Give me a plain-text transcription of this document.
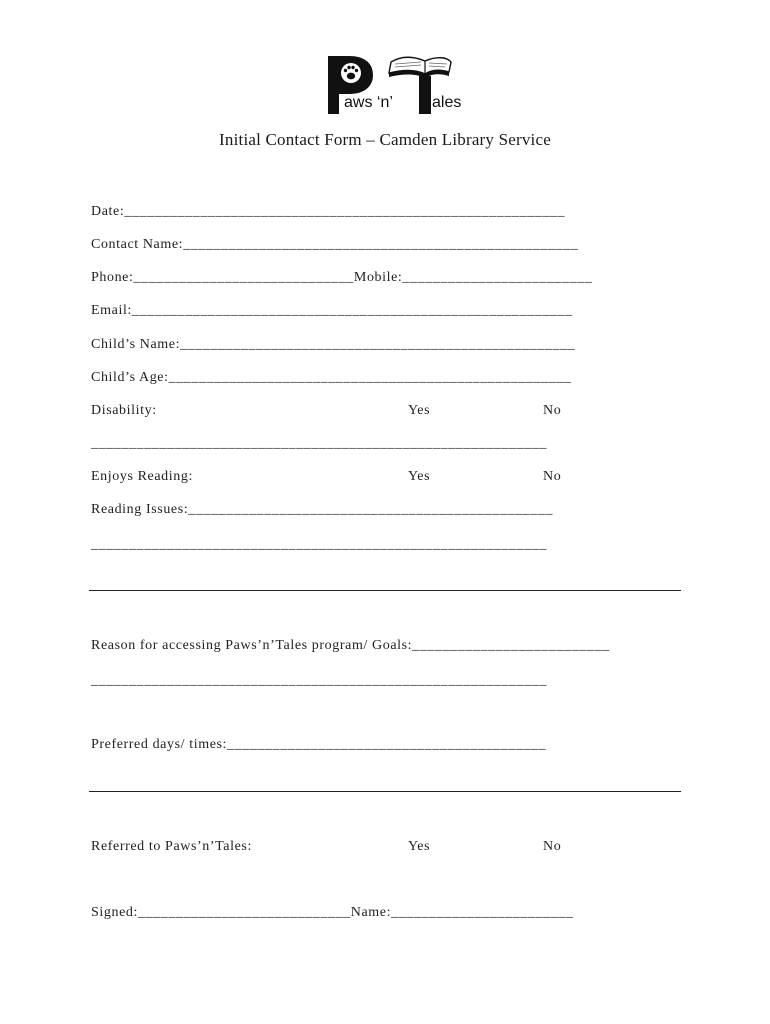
aws ‘n’ ales
Initial Contact Form – Camden Library Service
Date:__________________________________________________________
Contact Name:____________________________________________________
Phone:_____________________________Mobile:_________________________
Email:__________________________________________________________
Child’s Name:____________________________________________________
Child’s Age:_____________________________________________________
Disability:	Yes	No
____________________________________________________________
Enjoys Reading:	Yes	No
Reading Issues:________________________________________________
____________________________________________________________
Reason for accessing Paws’n’Tales program/ Goals:__________________________
____________________________________________________________
Preferred days/ times:__________________________________________
Referred to Paws’n’Tales:	Yes	No
Signed:____________________________Name:________________________
